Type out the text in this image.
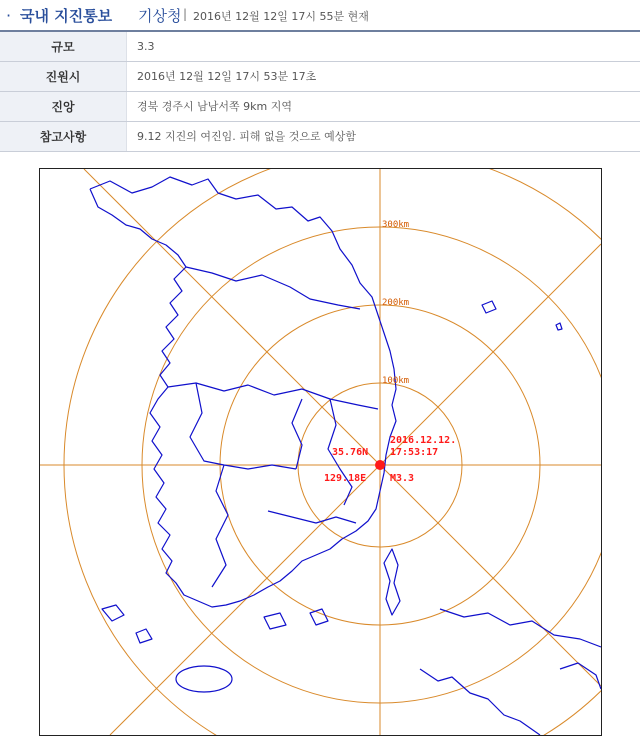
· 국내 지진통보 기상청 | 2016년 12월 12일 17시 55분 현재
규모	3.3
진원시	2016년 12월 12일 17시 53분 17초
진앙	경북 경주시 남남서쪽 9km 지역
참고사항	9.12 지진의 여진임. 피해 없을 것으로 예상함
100km
200km
300km
35.76N
129.18E
2016.12.12.
17:53:17
M3.3
